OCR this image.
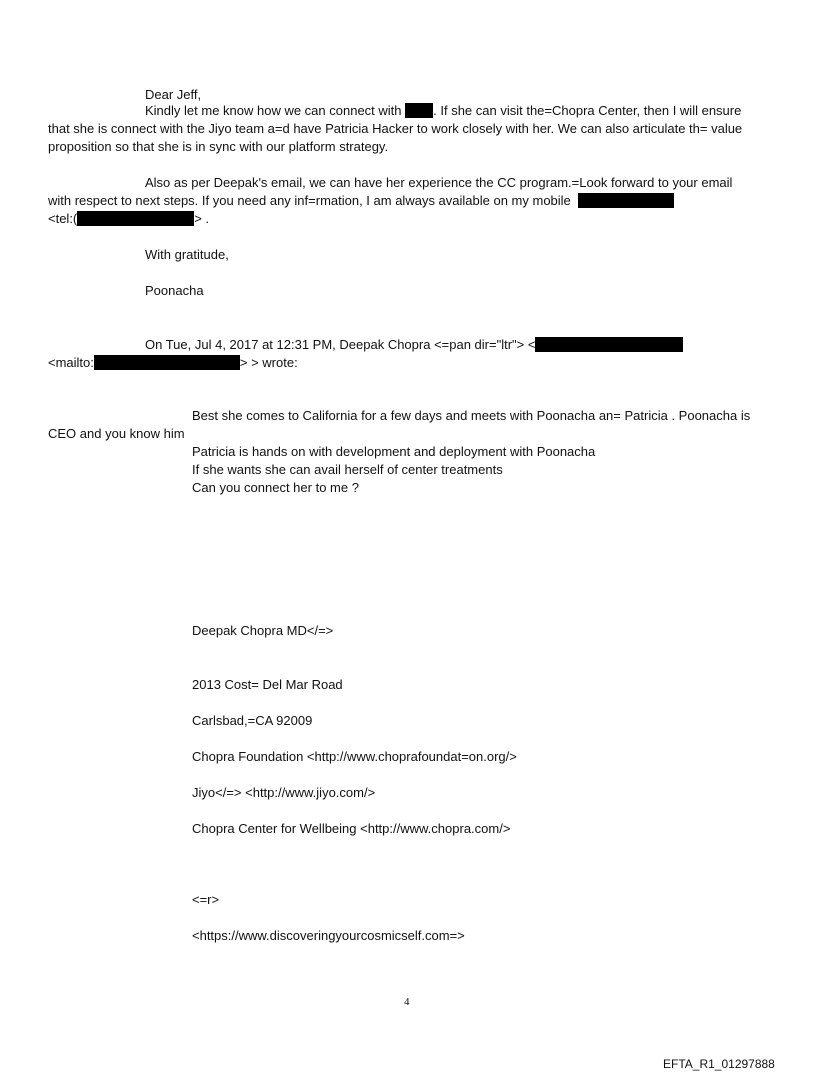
Dear Jeff,
Kindly let me know how we can connect with . If she can visit the=Chopra Center, then I will ensure
that she is connect with the Jiyo team a=d have Patricia Hacker to work closely with her. We can also articulate th= value
proposition so that she is in sync with our platform strategy.
Also as per Deepak's email, we can have her experience the CC program.=Look forward to your email
with respect to next steps. If you need any inf=rmation, I am always available on my mobile
<tel:(	> .
With gratitude,
Poonacha
On Tue, Jul 4, 2017 at 12:31 PM, Deepak Chopra <=pan dir="ltr"> <
<mailto:	> > wrote:
Best she comes to California for a few days and meets with Poonacha an= Patricia . Poonacha is
CEO and you know him
Patricia is hands on with development and deployment with Poonacha
If she wants she can avail herself of center treatments
Can you connect her to me ?
Deepak Chopra MD</=>
2013 Cost= Del Mar Road
Carlsbad,=CA 92009
Chopra Foundation <http://www.choprafoundat=on.org/>
Jiyo</=> <http://www.jiyo.com/>
Chopra Center for Wellbeing <http://www.chopra.com/>
<=r>
<https://www.discoveringyourcosmicself.com=>
4
EFTA_R1_01297888
